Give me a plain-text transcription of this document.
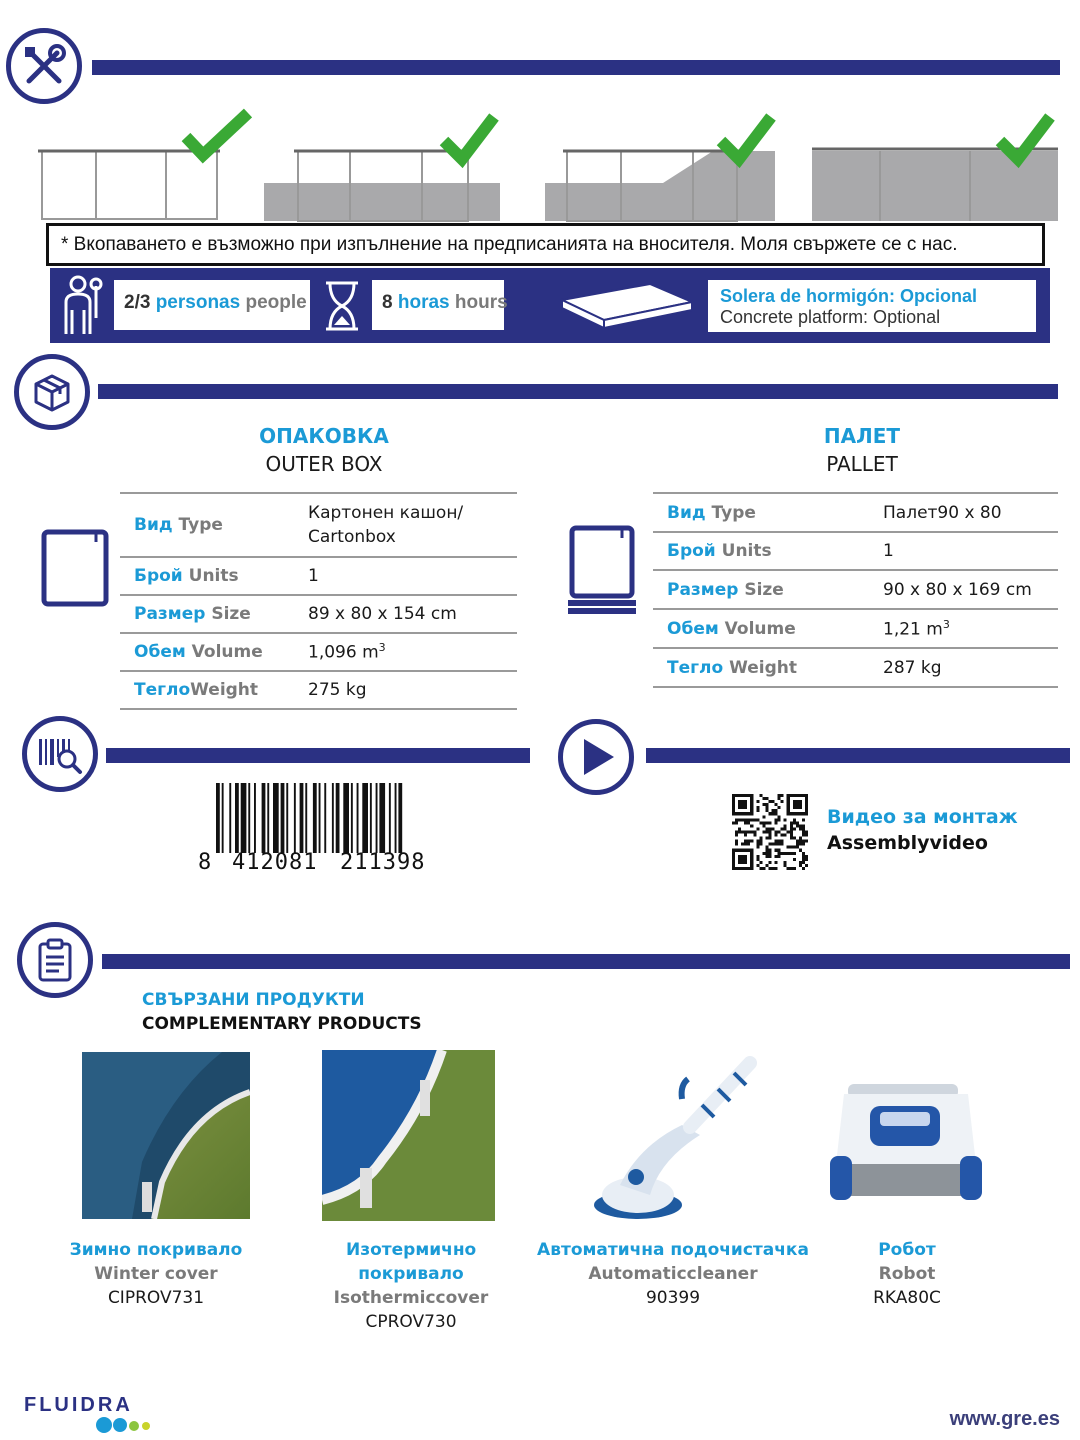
* Вкопаването е възможно при изпълнение на предписанията на вносителя. Моля свържете се с нас.
2/3 personas people	8 horas hours	Solera de hormigón: Opcional
Concrete platform: Optional
ОПАКОВКА
OUTER BOX
Вид Type	Картонен кашон/ Cartonbox
Брой Units	1
Размер Size	89 x 80 x 154 cm
Обем Volume	1,096 $m^3$
ТеглоWeight	275 kg
ПАЛЕТ
PALLET
Вид Type	Палет90 x 80
Брой Units	1
Размер Size	90 x 80 x 169 cm
Обем Volume	1,21 $m^3$
Тегло Weight	287 kg
8 412081 211398
Видео за монтаж
Assemblyvideo
СВЪРЗАНИ ПРОДУКТИ
COMPLEMENTARY PRODUCTS
Зимно покривало
Winter cover
CIPROV731
Изотермично покривало
Isothermiccover
CPROV730
Автоматична подочистачка
Automaticcleaner
90399
Робот
Robot
RKA80C
FLUIDRA
www.gre.es
